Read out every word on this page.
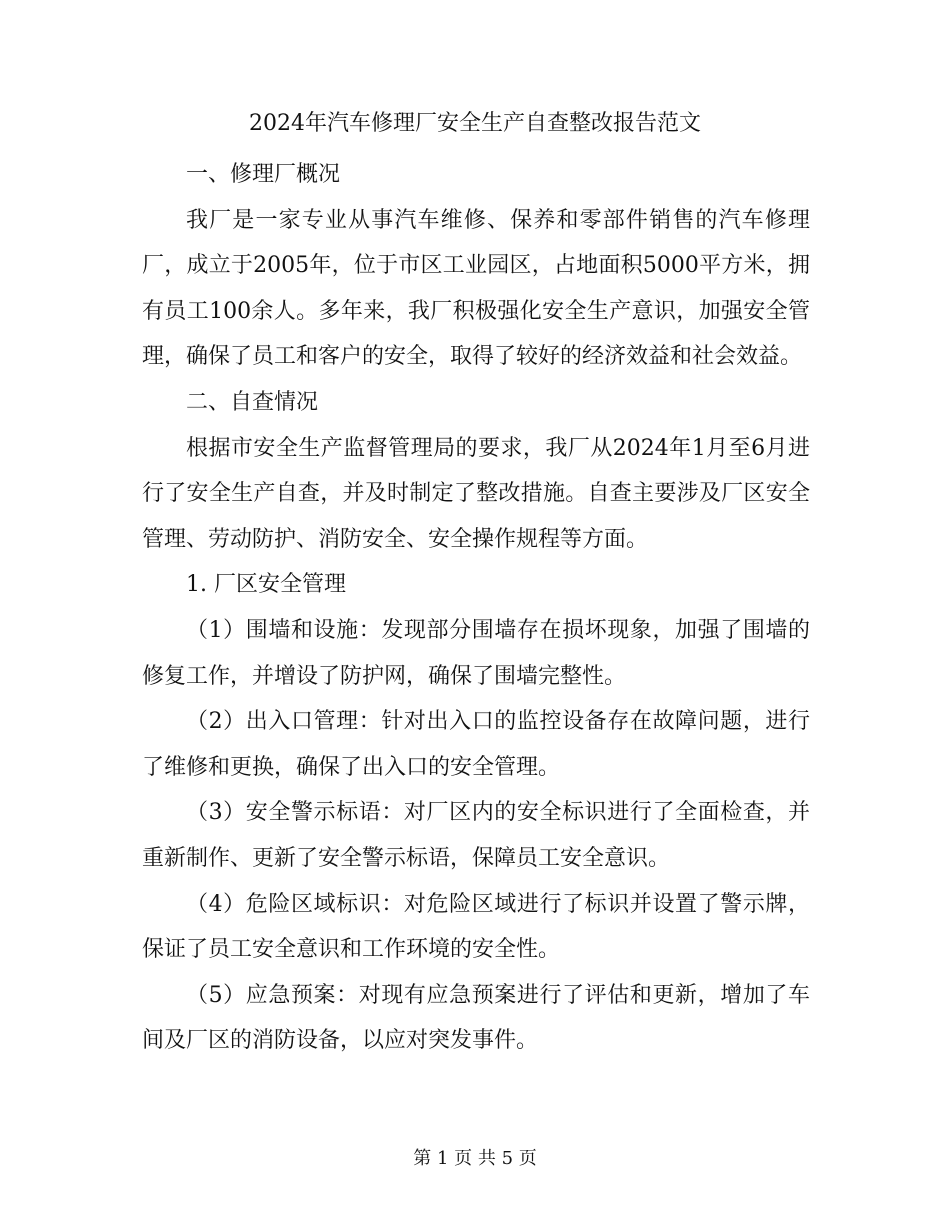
2024年汽车修理厂安全生产自查整改报告范文

一、修理厂概况

我厂是一家专业从事汽车维修、保养和零部件销售的汽车修理厂，成立于2005年，位于市区工业园区，占地面积5000平方米，拥有员工100余人。多年来，我厂积极强化安全生产意识，加强安全管理，确保了员工和客户的安全，取得了较好的经济效益和社会效益。

二、自查情况

根据市安全生产监督管理局的要求，我厂从2024年1月至6月进行了安全生产自查，并及时制定了整改措施。自查主要涉及厂区安全管理、劳动防护、消防安全、安全操作规程等方面。

1. 厂区安全管理

（1）围墙和设施：发现部分围墙存在损坏现象，加强了围墙的修复工作，并增设了防护网，确保了围墙完整性。

（2）出入口管理：针对出入口的监控设备存在故障问题，进行了维修和更换，确保了出入口的安全管理。

（3）安全警示标语：对厂区内的安全标识进行了全面检查，并重新制作、更新了安全警示标语，保障员工安全意识。

（4）危险区域标识：对危险区域进行了标识并设置了警示牌，保证了员工安全意识和工作环境的安全性。

（5）应急预案：对现有应急预案进行了评估和更新，增加了车间及厂区的消防设备，以应对突发事件。

第 1 页 共 5 页
